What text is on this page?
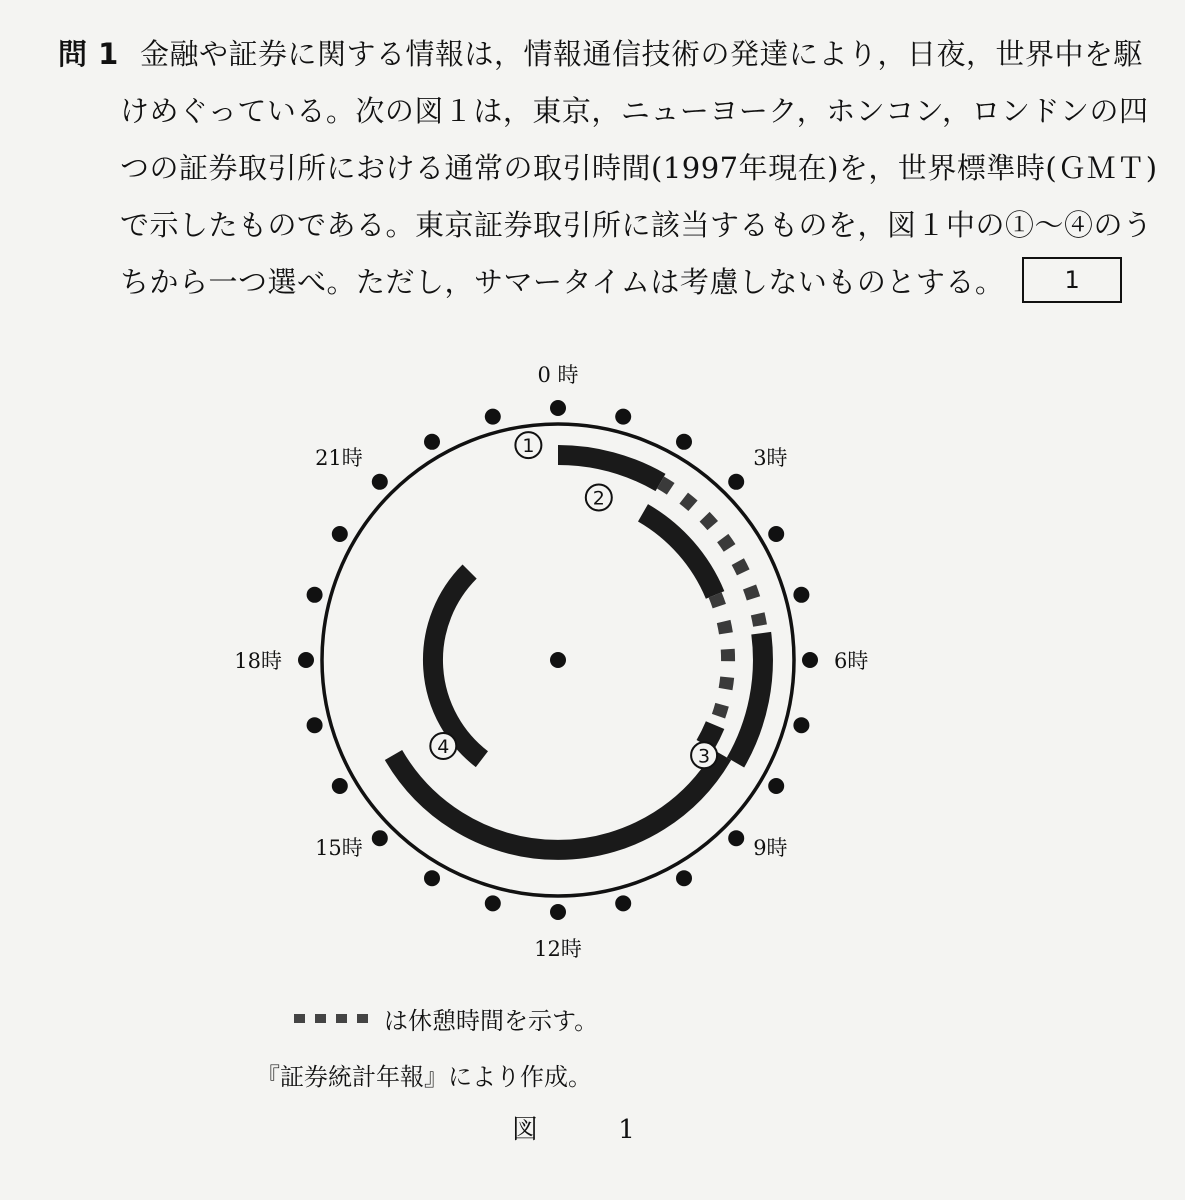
問 1 金融や証券に関する情報は，情報通信技術の発達により，日夜，世界中を駆
けめぐっている。次の図１は，東京，ニューヨーク，ホンコン，ロンドンの四
つの証券取引所における通常の取引時間(1997年現在)を，世界標準時(ＧＭＴ)
で示したものである。東京証券取引所に該当するものを，図１中の①～④のう
ちから一つ選べ。ただし，サマータイムは考慮しないものとする。	1
0 時
3時
6時
9時
12時
15時
18時
21時	1
2
3
4
は休憩時間を示す。
『証券統計年報』により作成。
図 1
